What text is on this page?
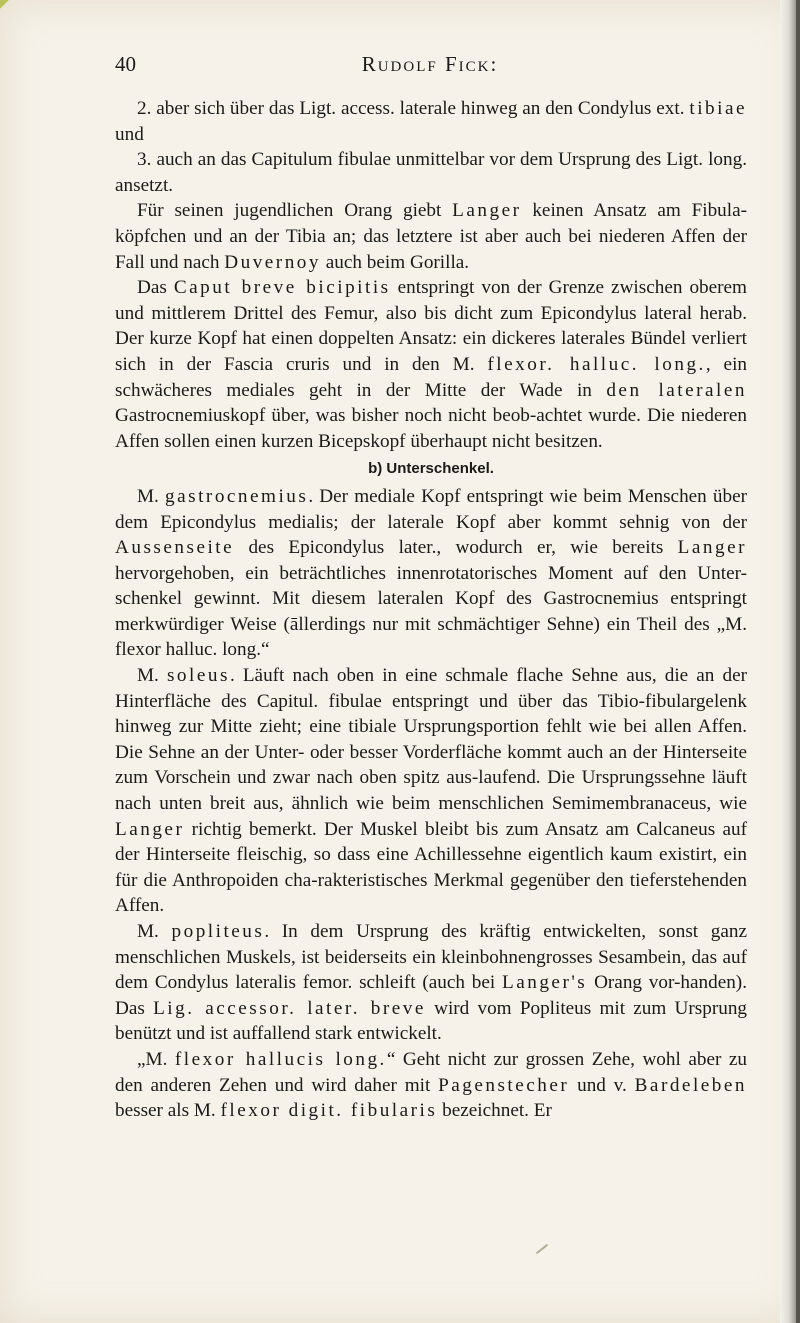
40	Rudolf Fick:

2. aber sich über das Ligt. access. laterale hinweg an den Condylus ext. tibiae und

3. auch an das Capitulum fibulae unmittelbar vor dem Ursprung des Ligt. long. ansetzt.

Für seinen jugendlichen Orang giebt Langer keinen Ansatz am Fibula-köpfchen und an der Tibia an; das letztere ist aber auch bei niederen Affen der Fall und nach Duvernoy auch beim Gorilla.

Das Caput breve bicipitis entspringt von der Grenze zwischen oberem und mittlerem Drittel des Femur, also bis dicht zum Epicondylus lateral herab. Der kurze Kopf hat einen doppelten Ansatz: ein dickeres laterales Bündel verliert sich in der Fascia cruris und in den M. flexor. halluc. long., ein schwächeres mediales geht in der Mitte der Wade in den lateralen Gastrocnemiuskopf über, was bisher noch nicht beob-achtet wurde. Die niederen Affen sollen einen kurzen Bicepskopf überhaupt nicht besitzen.

b) Unterschenkel.

M. gastrocnemius. Der mediale Kopf entspringt wie beim Menschen über dem Epicondylus medialis; der laterale Kopf aber kommt sehnig von der Aussenseite des Epicondylus later., wodurch er, wie bereits Langer hervorgehoben, ein beträchtliches innenrotatorisches Moment auf den Unter-schenkel gewinnt. Mit diesem lateralen Kopf des Gastrocnemius entspringt merkwürdiger Weise (āllerdings nur mit schmächtiger Sehne) ein Theil des „M. flexor halluc. long.“

M. soleus. Läuft nach oben in eine schmale flache Sehne aus, die an der Hinterfläche des Capitul. fibulae entspringt und über das Tibio-fibulargelenk hinweg zur Mitte zieht; eine tibiale Ursprungsportion fehlt wie bei allen Affen. Die Sehne an der Unter- oder besser Vorderfläche kommt auch an der Hinterseite zum Vorschein und zwar nach oben spitz aus-laufend. Die Ursprungssehne läuft nach unten breit aus, ähnlich wie beim menschlichen Semimembranaceus, wie Langer richtig bemerkt. Der Muskel bleibt bis zum Ansatz am Calcaneus auf der Hinterseite fleischig, so dass eine Achillessehne eigentlich kaum existirt, ein für die Anthropoiden cha-rakteristisches Merkmal gegenüber den tieferstehenden Affen.

M. popliteus. In dem Ursprung des kräftig entwickelten, sonst ganz menschlichen Muskels, ist beiderseits ein kleinbohnengrosses Sesambein, das auf dem Condylus lateralis femor. schleift (auch bei Langer's Orang vor-handen). Das Lig. accessor. later. breve wird vom Popliteus mit zum Ursprung benützt und ist auffallend stark entwickelt.

„M. flexor hallucis long.“ Geht nicht zur grossen Zehe, wohl aber zu den anderen Zehen und wird daher mit Pagenstecher und v. Bardeleben besser als M. flexor digit. fibularis bezeichnet. Er
